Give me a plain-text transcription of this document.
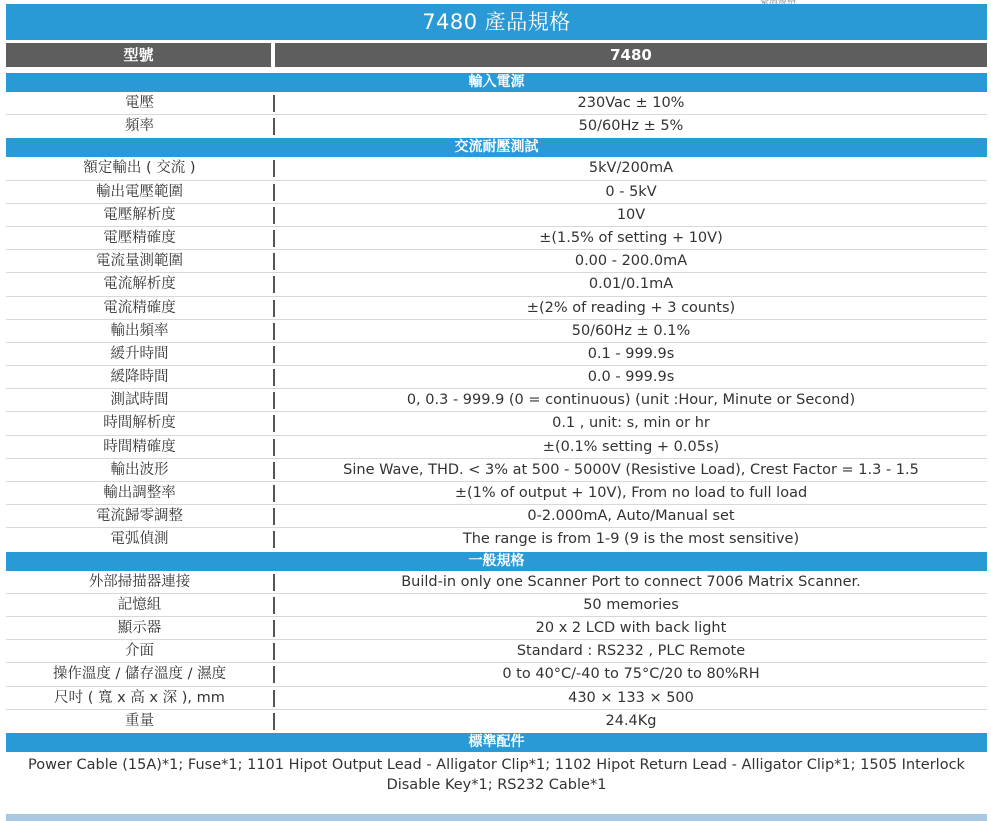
7480 產品規格
型號	7480
輸入電源
電壓	230Vac ± 10%
頻率	50/60Hz ± 5%
交流耐壓測試
額定輸出 ( 交流 )	5kV/200mA
輸出電壓範圍	0 - 5kV
電壓解析度	10V
電壓精確度	±(1.5% of setting + 10V)
電流量測範圍	0.00 - 200.0mA
電流解析度	0.01/0.1mA
電流精確度	±(2% of reading + 3 counts)
輸出頻率	50/60Hz ± 0.1%
緩升時間	0.1 - 999.9s
緩降時間	0.0 - 999.9s
測試時間	0, 0.3 - 999.9 (0 = continuous) (unit :Hour, Minute or Second)
時間解析度	0.1 , unit: s, min or hr
時間精確度	±(0.1% setting + 0.05s)
輸出波形	Sine Wave, THD. < 3% at 500 - 5000V (Resistive Load), Crest Factor = 1.3 - 1.5
輸出調整率	±(1% of output + 10V), From no load to full load
電流歸零調整	0-2.000mA, Auto/Manual set
電弧偵測	The range is from 1-9 (9 is the most sensitive)
一般規格
外部掃描器連接	Build-in only one Scanner Port to connect 7006 Matrix Scanner.
記憶組	50 memories
顯示器	20 x 2 LCD with back light
介面	Standard : RS232 , PLC Remote
操作溫度 / 儲存溫度 / 濕度	0 to 40°C/-40 to 75°C/20 to 80%RH
尺吋 ( 寬 x 高 x 深 ), mm	430 × 133 × 500
重量	24.4Kg
標準配件
Power Cable (15A)*1; Fuse*1; 1101 Hipot Output Lead - Alligator Clip*1; 1102 Hipot Return Lead - Alligator Clip*1; 1505 Interlock Disable Key*1; RS232 Cable*1
